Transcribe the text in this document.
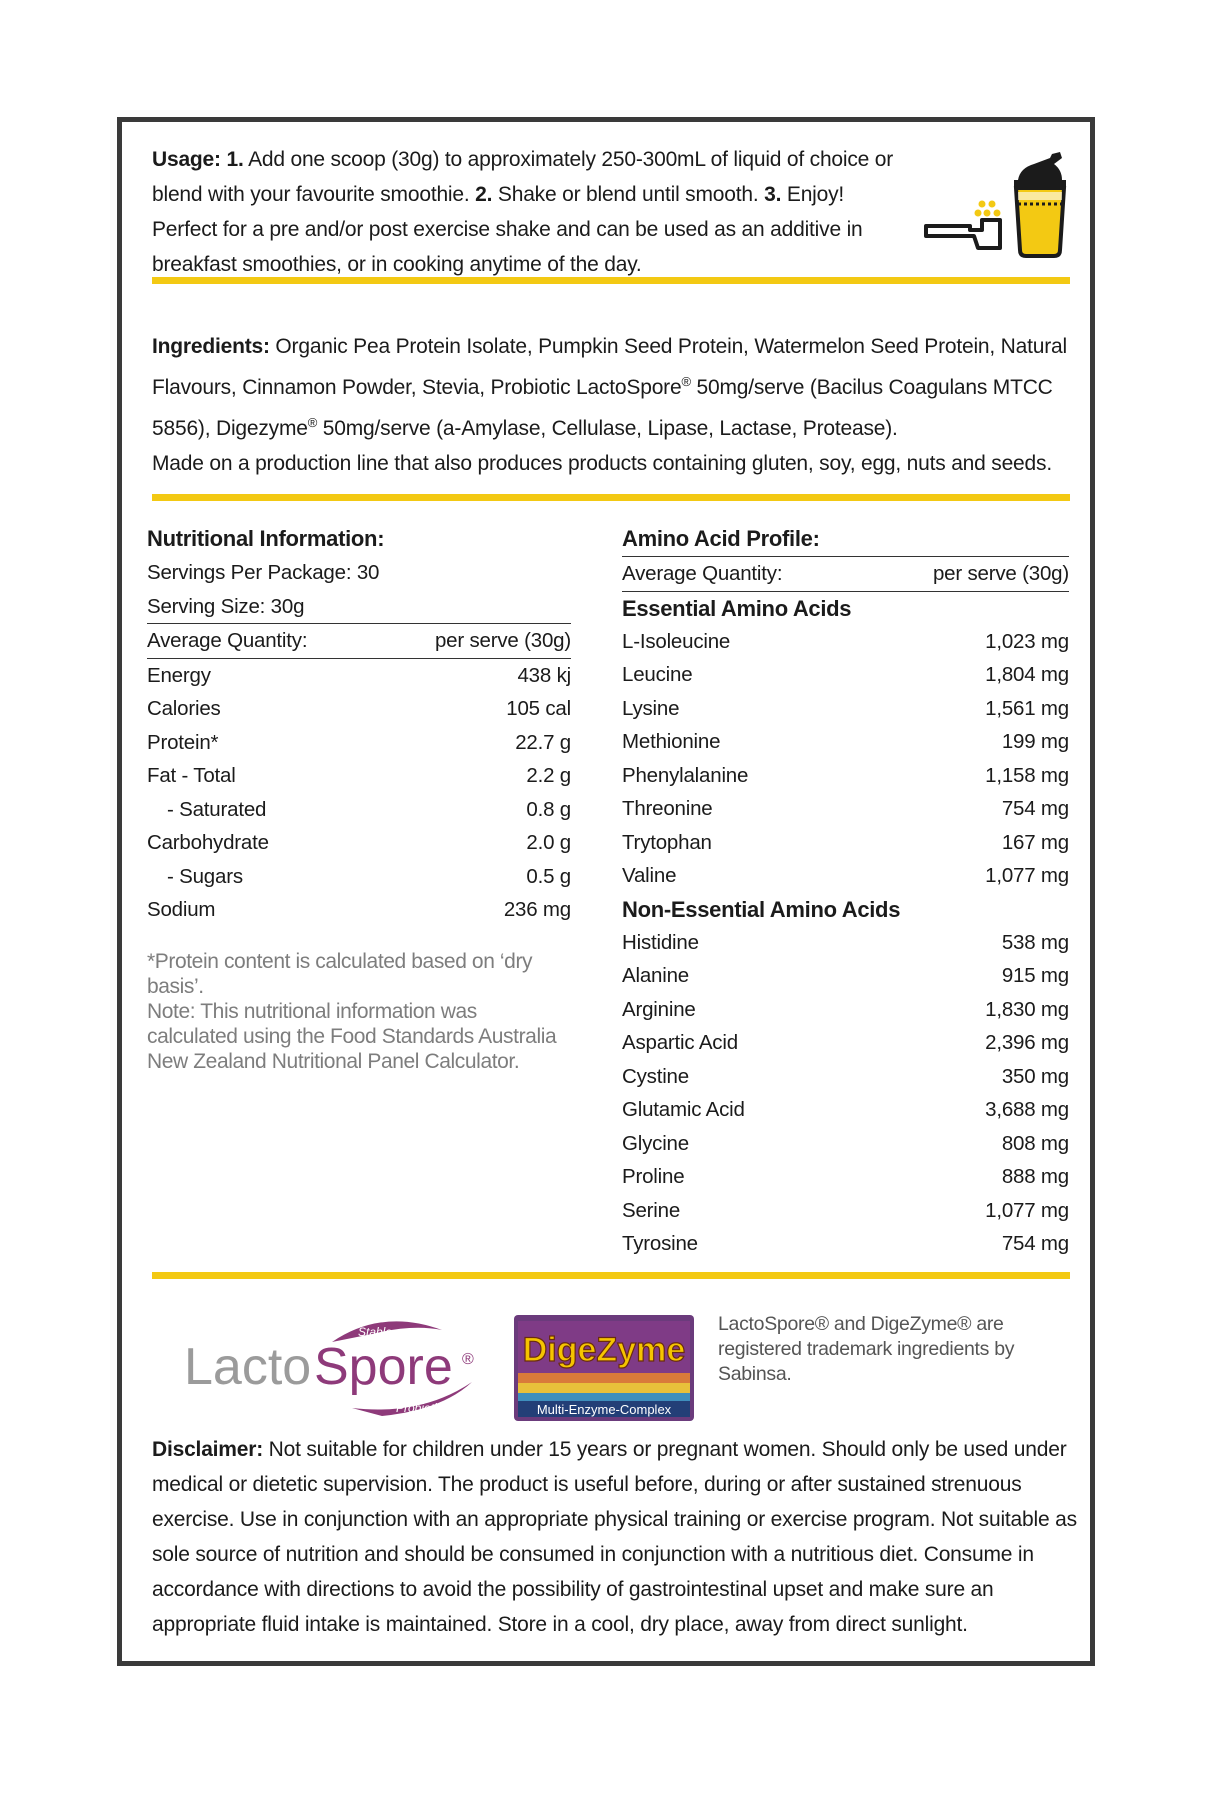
Usage: 1. Add one scoop (30g) to approximately 250-300mL of liquid of choice or blend with your favourite smoothie. 2. Shake or blend until smooth. 3. Enjoy! Perfect for a pre and/or post exercise shake and can be used as an additive in breakfast smoothies, or in cooking anytime of the day.
Ingredients: Organic Pea Protein Isolate, Pumpkin Seed Protein, Watermelon Seed Protein, Natural Flavours, Cinnamon Powder, Stevia, Probiotic LactoSpore® 50mg/serve (Bacilus Coagulans MTCC 5856), Digezyme® 50mg/serve (a-Amylase, Cellulase, Lipase, Lactase, Protease).
Made on a production line that also produces products containing gluten, soy, egg, nuts and seeds.
Nutritional Information:
Servings Per Package: 30
Serving Size: 30g
Average Quantity:	per serve (30g)
Energy	438 kj
Calories	105 cal
Protein*	22.7 g
Fat - Total	2.2 g
- Saturated	0.8 g
Carbohydrate	2.0 g
- Sugars	0.5 g
Sodium	236 mg
*Protein content is calculated based on ‘dry basis’.
Note: This nutritional information was calculated using the Food Standards Australia New Zealand Nutritional Panel Calculator.
Amino Acid Profile:
Average Quantity:	per serve (30g)
Essential Amino Acids
L-Isoleucine	1,023 mg
Leucine	1,804 mg
Lysine	1,561 mg
Methionine	199 mg
Phenylalanine	1,158 mg
Threonine	754 mg
Trytophan	167 mg
Valine	1,077 mg
Non-Essential Amino Acids
Histidine	538 mg
Alanine	915 mg
Arginine	1,830 mg
Aspartic Acid	2,396 mg
Cystine	350 mg
Glutamic Acid	3,688 mg
Glycine	808 mg
Proline	888 mg
Serine	1,077 mg
Tyrosine	754 mg
Stable
Lacto Spore ®
Probiotic
DigeZyme
Multi-Enzyme-Complex
LactoSpore® and DigeZyme® are registered trademark ingredients by Sabinsa.
Disclaimer: Not suitable for children under 15 years or pregnant women. Should only be used under medical or dietetic supervision. The product is useful before, during or after sustained strenuous exercise. Use in conjunction with an appropriate physical training or exercise program. Not suitable as sole source of nutrition and should be consumed in conjunction with a nutritious diet. Consume in accordance with directions to avoid the possibility of gastrointestinal upset and make sure an appropriate fluid intake is maintained. Store in a cool, dry place, away from direct sunlight.
